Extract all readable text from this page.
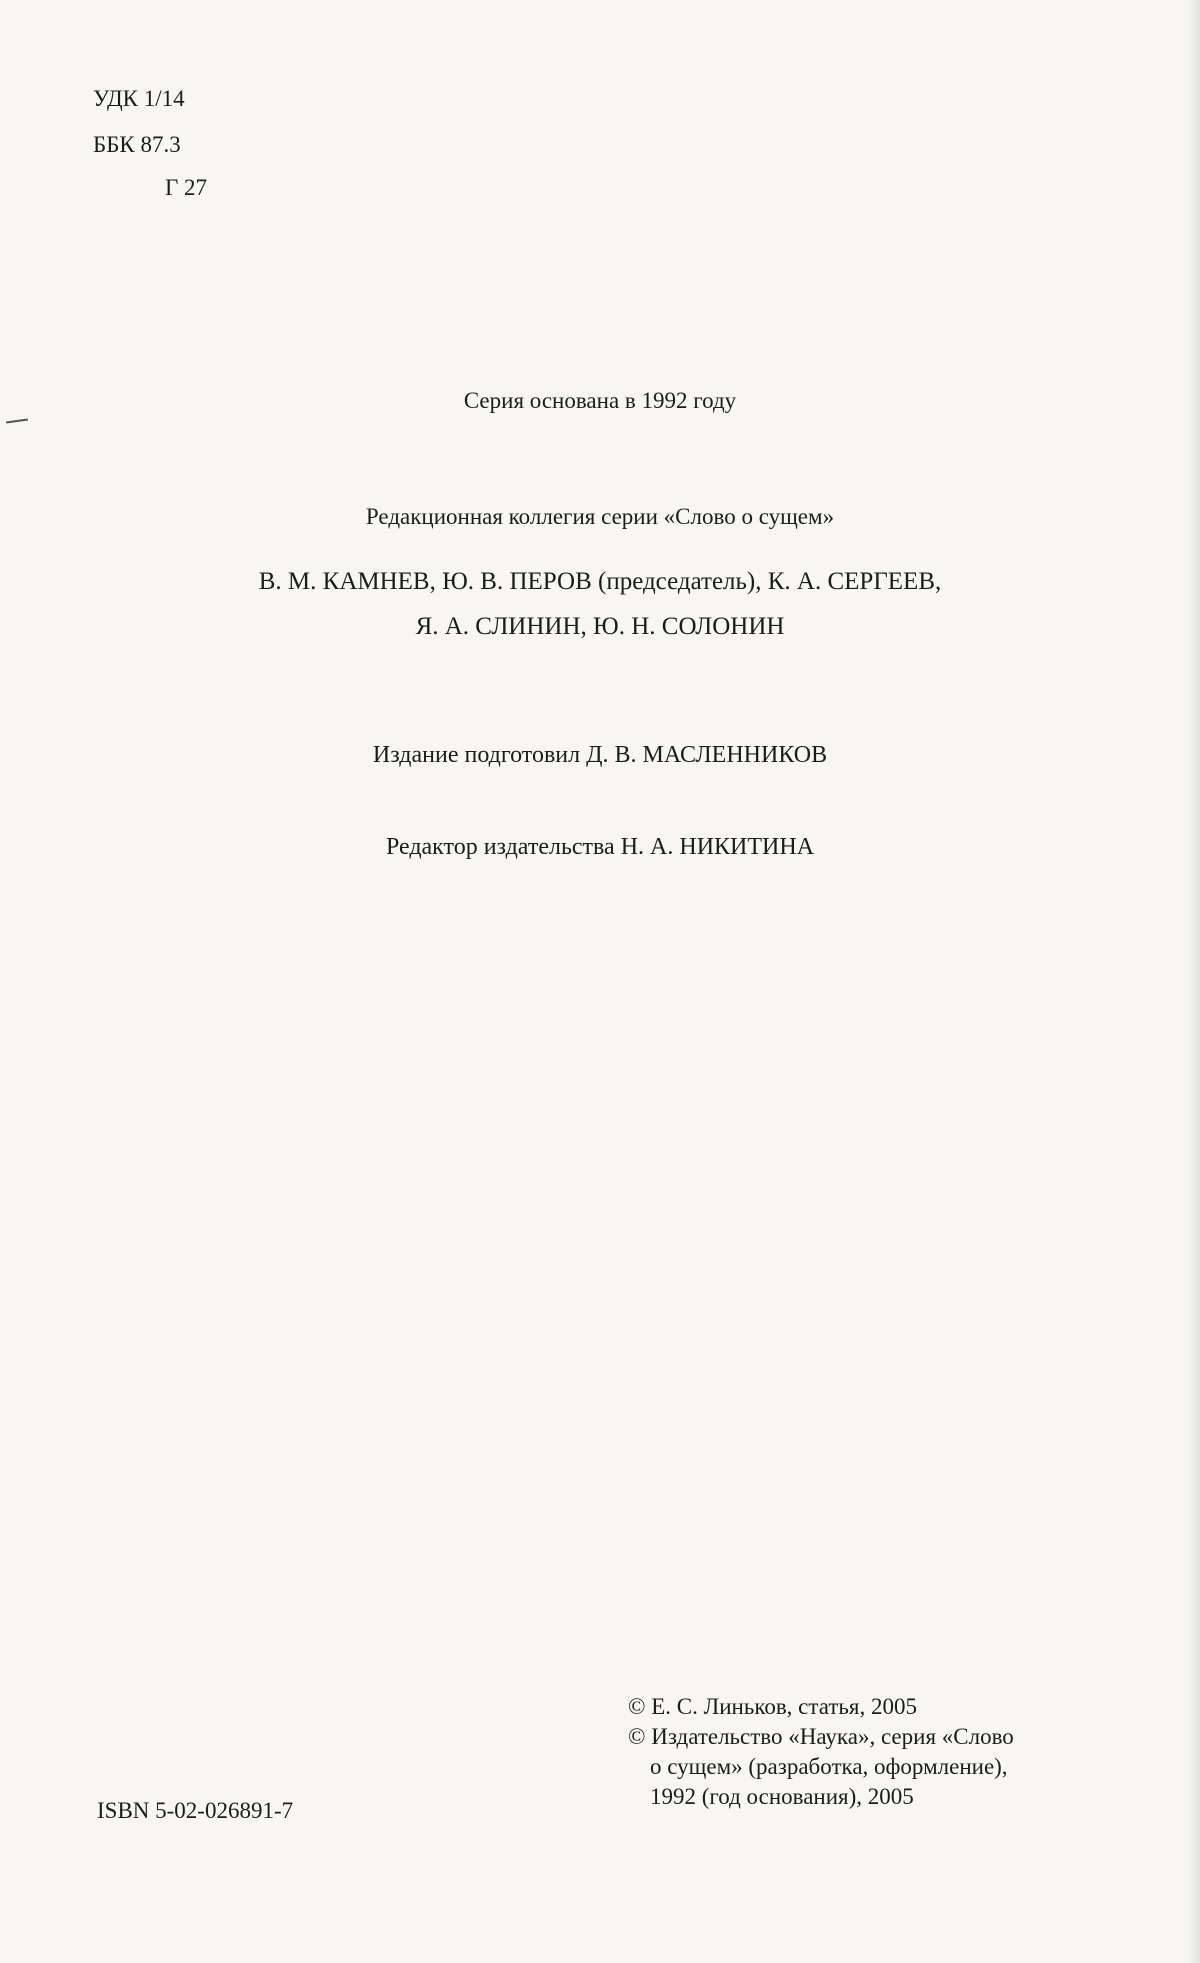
УДК 1/14
ББК 87.3
Г 27
Серия основана в 1992 году
Редакционная коллегия серии «Слово о сущем»
В. М. КАМНЕВ, Ю. В. ПЕРОВ (председатель), К. А. СЕРГЕЕВ,
Я. А. СЛИНИН, Ю. Н. СОЛОНИН
Издание подготовил Д. В. МАСЛЕННИКОВ
Редактор издательства Н. А. НИКИТИНА
© Е. С. Линьков, статья, 2005
© Издательство «Наука», серия «Слово
о сущем» (разработка, оформление),
1992 (год основания), 2005
ISBN 5-02-026891-7
